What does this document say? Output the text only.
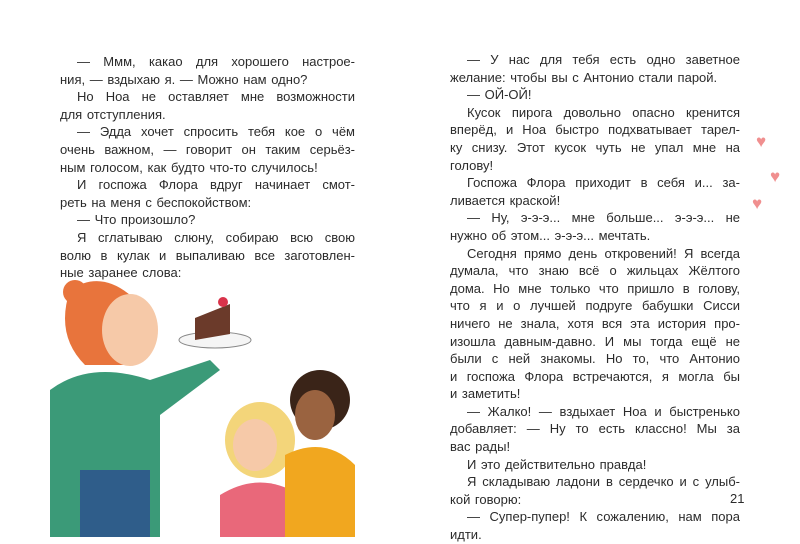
— Ммм, какао для хорошего настрое-
ния, — вздыхаю я. — Можно нам одно?
Но Ноа не оставляет мне возможности
для отступления.
— Эдда хочет спросить тебя кое о чём
очень важном, — говорит он таким серьёз-
ным голосом, как будто что-то случилось!
И госпожа Флора вдруг начинает смот-
реть на меня с беспокойством:
— Что произошло?
Я сглатываю слюну, собираю всю свою
волю в кулак и выпаливаю все заготовлен-
ные заранее слова:
— У нас для тебя есть одно заветное
желание: чтобы вы с Антонио стали парой.
— ОЙ-ОЙ!
Кусок пирога довольно опасно кренится
вперёд, и Ноа быстро подхватывает тарел-
ку снизу. Этот кусок чуть не упал мне на
голову!
Госпожа Флора приходит в себя и... за-
ливается краской!
— Ну, э-э-э... мне больше... э-э-э... не
нужно об этом... э-э-э... мечтать.
Сегодня прямо день откровений! Я всегда
думала, что знаю всё о жильцах Жёлтого
дома. Но мне только что пришло в голову,
что я и о лучшей подруге бабушки Сисси
ничего не знала, хотя вся эта история про-
изошла давным-давно. И мы тогда ещё не
были с ней знакомы. Но то, что Антонио
и госпожа Флора встречаются, я могла бы
и заметить!
— Жалко! — вздыхает Ноа и быстренько
добавляет: — Ну то есть классно! Мы за
вас рады!
И это действительно правда!
Я складываю ладони в сердечко и с улыб-
кой говорю:
— Супер-пупер! К сожалению, нам пора
идти.
21
♥
♥
♥
